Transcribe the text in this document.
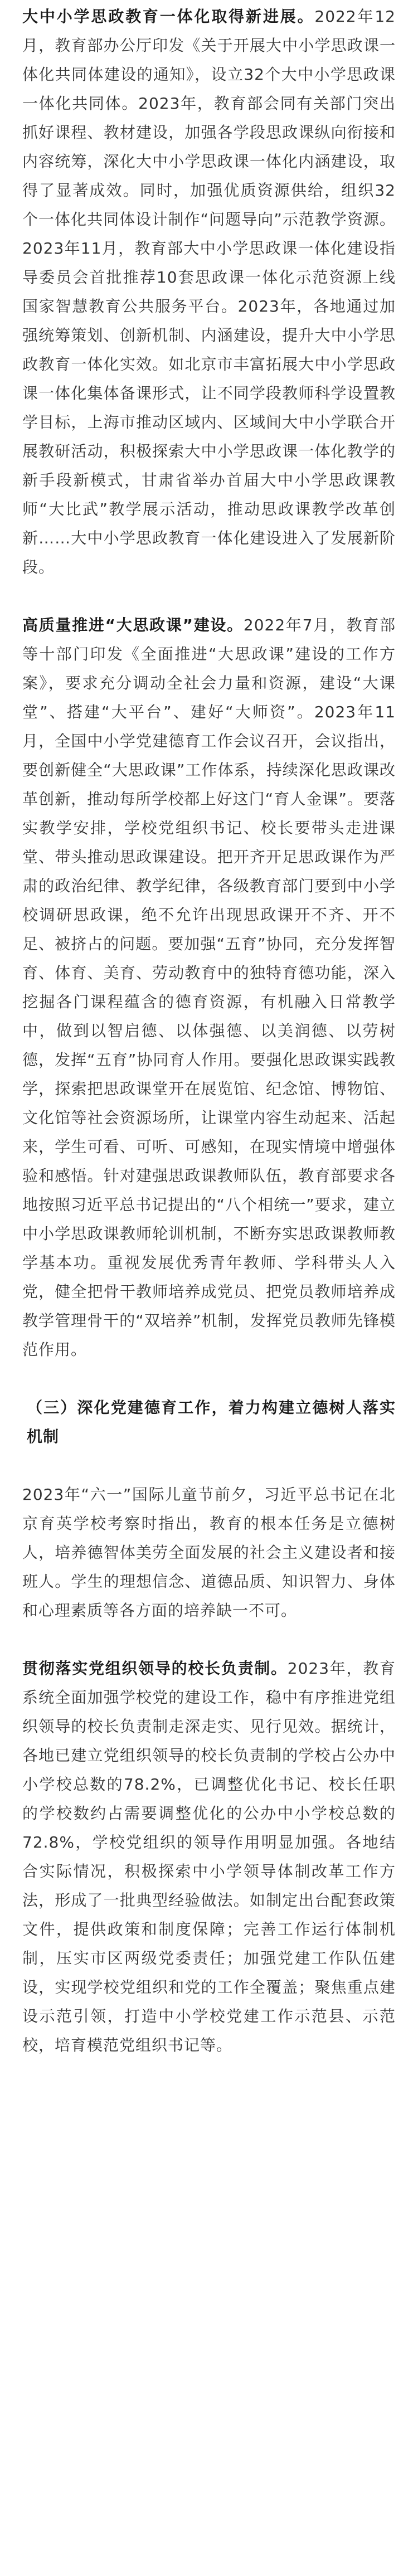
大中小学思政教育一体化取得新进展。2022年12月，教育部办公厅印发《关于开展大中小学思政课一体化共同体建设的通知》，设立32个大中小学思政课一体化共同体。2023年，教育部会同有关部门突出抓好课程、教材建设，加强各学段思政课纵向衔接和内容统筹，深化大中小学思政课一体化内涵建设，取得了显著成效。同时，加强优质资源供给，组织32个一体化共同体设计制作“问题导向”示范教学资源。2023年11月，教育部大中小学思政课一体化建设指导委员会首批推荐10套思政课一体化示范资源上线国家智慧教育公共服务平台。2023年，各地通过加强统筹策划、创新机制、内涵建设，提升大中小学思政教育一体化实效。如北京市丰富拓展大中小学思政课一体化集体备课形式，让不同学段教师科学设置教学目标，上海市推动区域内、区域间大中小学联合开展教研活动，积极探索大中小学思政课一体化教学的新手段新模式，甘肃省举办首届大中小学思政课教师“大比武”教学展示活动，推动思政课教学改革创新……大中小学思政教育一体化建设进入了发展新阶段。

高质量推进“大思政课”建设。2022年7月，教育部等十部门印发《全面推进“大思政课”建设的工作方案》，要求充分调动全社会力量和资源，建设“大课堂”、搭建“大平台”、建好“大师资”。2023年11月，全国中小学党建德育工作会议召开，会议指出，要创新健全“大思政课”工作体系，持续深化思政课改革创新，推动每所学校都上好这门“育人金课”。要落实教学安排，学校党组织书记、校长要带头走进课堂、带头推动思政课建设。把开齐开足思政课作为严肃的政治纪律、教学纪律，各级教育部门要到中小学校调研思政课，绝不允许出现思政课开不齐、开不足、被挤占的问题。要加强“五育”协同，充分发挥智育、体育、美育、劳动教育中的独特育德功能，深入挖掘各门课程蕴含的德育资源，有机融入日常教学中，做到以智启德、以体强德、以美润德、以劳树德，发挥“五育”协同育人作用。要强化思政课实践教学，探索把思政课堂开在展览馆、纪念馆、博物馆、文化馆等社会资源场所，让课堂内容生动起来、活起来，学生可看、可听、可感知，在现实情境中增强体验和感悟。针对建强思政课教师队伍，教育部要求各地按照习近平总书记提出的“八个相统一”要求，建立中小学思政课教师轮训机制，不断夯实思政课教师教学基本功。重视发展优秀青年教师、学科带头人入党，健全把骨干教师培养成党员、把党员教师培养成教学管理骨干的“双培养”机制，发挥党员教师先锋模范作用。

（三）深化党建德育工作，着力构建立德树人落实机制

2023年“六一”国际儿童节前夕，习近平总书记在北京育英学校考察时指出，教育的根本任务是立德树人，培养德智体美劳全面发展的社会主义建设者和接班人。学生的理想信念、道德品质、知识智力、身体和心理素质等各方面的培养缺一不可。

贯彻落实党组织领导的校长负责制。2023年，教育系统全面加强学校党的建设工作，稳中有序推进党组织领导的校长负责制走深走实、见行见效。据统计，各地已建立党组织领导的校长负责制的学校占公办中小学校总数的78.2%，已调整优化书记、校长任职的学校数约占需要调整优化的公办中小学校总数的72.8%，学校党组织的领导作用明显加强。各地结合实际情况，积极探索中小学领导体制改革工作方法，形成了一批典型经验做法。如制定出台配套政策文件，提供政策和制度保障；完善工作运行体制机制，压实市区两级党委责任；加强党建工作队伍建设，实现学校党组织和党的工作全覆盖；聚焦重点建设示范引领，打造中小学校党建工作示范县、示范校，培育模范党组织书记等。
